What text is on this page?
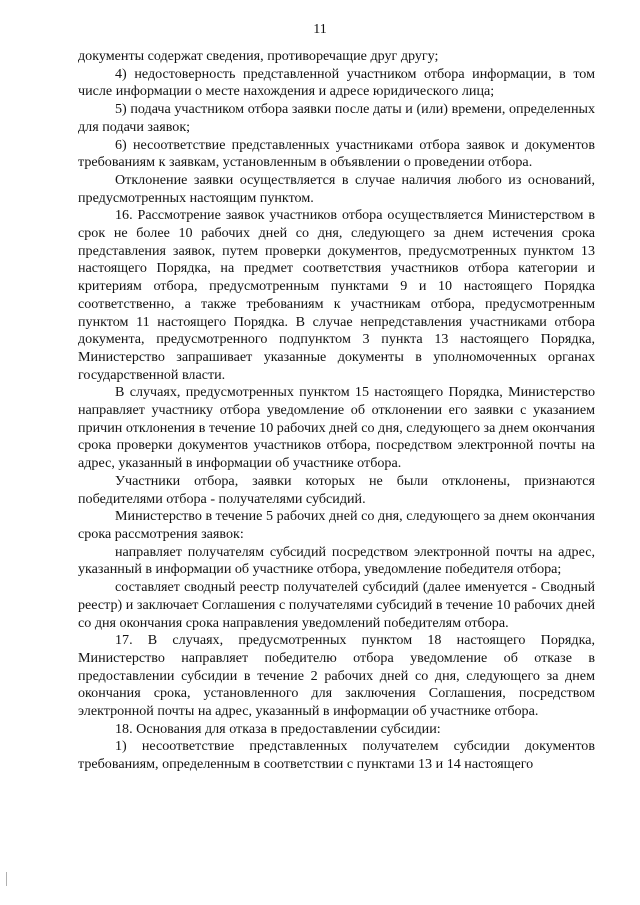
11

документы содержат сведения, противоречащие друг другу;

4) недостоверность представленной участником отбора информации, в том числе информации о месте нахождения и адресе юридического лица;

5) подача участником отбора заявки после даты и (или) времени, определенных для подачи заявок;

6) несоответствие представленных участниками отбора заявок и документов требованиям к заявкам, установленным в объявлении о проведении отбора.

Отклонение заявки осуществляется в случае наличия любого из оснований, предусмотренных настоящим пунктом.

16. Рассмотрение заявок участников отбора осуществляется Министерством в срок не более 10 рабочих дней со дня, следующего за днем истечения срока представления заявок, путем проверки документов, предусмотренных пунктом 13 настоящего Порядка, на предмет соответствия участников отбора категории и критериям отбора, предусмотренным пунктами 9 и 10 настоящего Порядка соответственно, а также требованиям к участникам отбора, предусмотренным пунктом 11 настоящего Порядка. В случае непредставления участниками отбора документа, предусмотренного подпунктом 3 пункта 13 настоящего Порядка, Министерство запрашивает указанные документы в уполномоченных органах государственной власти.

В случаях, предусмотренных пунктом 15 настоящего Порядка, Министерство направляет участнику отбора уведомление об отклонении его заявки с указанием причин отклонения в течение 10 рабочих дней со дня, следующего за днем окончания срока проверки документов участников отбора, посредством электронной почты на адрес, указанный в информации об участнике отбора.

Участники отбора, заявки которых не были отклонены, признаются победителями отбора - получателями субсидий.

Министерство в течение 5 рабочих дней со дня, следующего за днем окончания срока рассмотрения заявок:

направляет получателям субсидий посредством электронной почты на адрес, указанный в информации об участнике отбора, уведомление победителя отбора;

составляет сводный реестр получателей субсидий (далее именуется - Сводный реестр) и заключает Соглашения с получателями субсидий в течение 10 рабочих дней со дня окончания срока направления уведомлений победителям отбора.

17. В случаях, предусмотренных пунктом 18 настоящего Порядка, Министерство направляет победителю отбора уведомление об отказе в предоставлении субсидии в течение 2 рабочих дней со дня, следующего за днем окончания срока, установленного для заключения Соглашения, посредством электронной почты на адрес, указанный в информации об участнике отбора.

18. Основания для отказа в предоставлении субсидии:

1) несоответствие представленных получателем субсидии документов требованиям, определенным в соответствии с пунктами 13 и 14 настоящего
